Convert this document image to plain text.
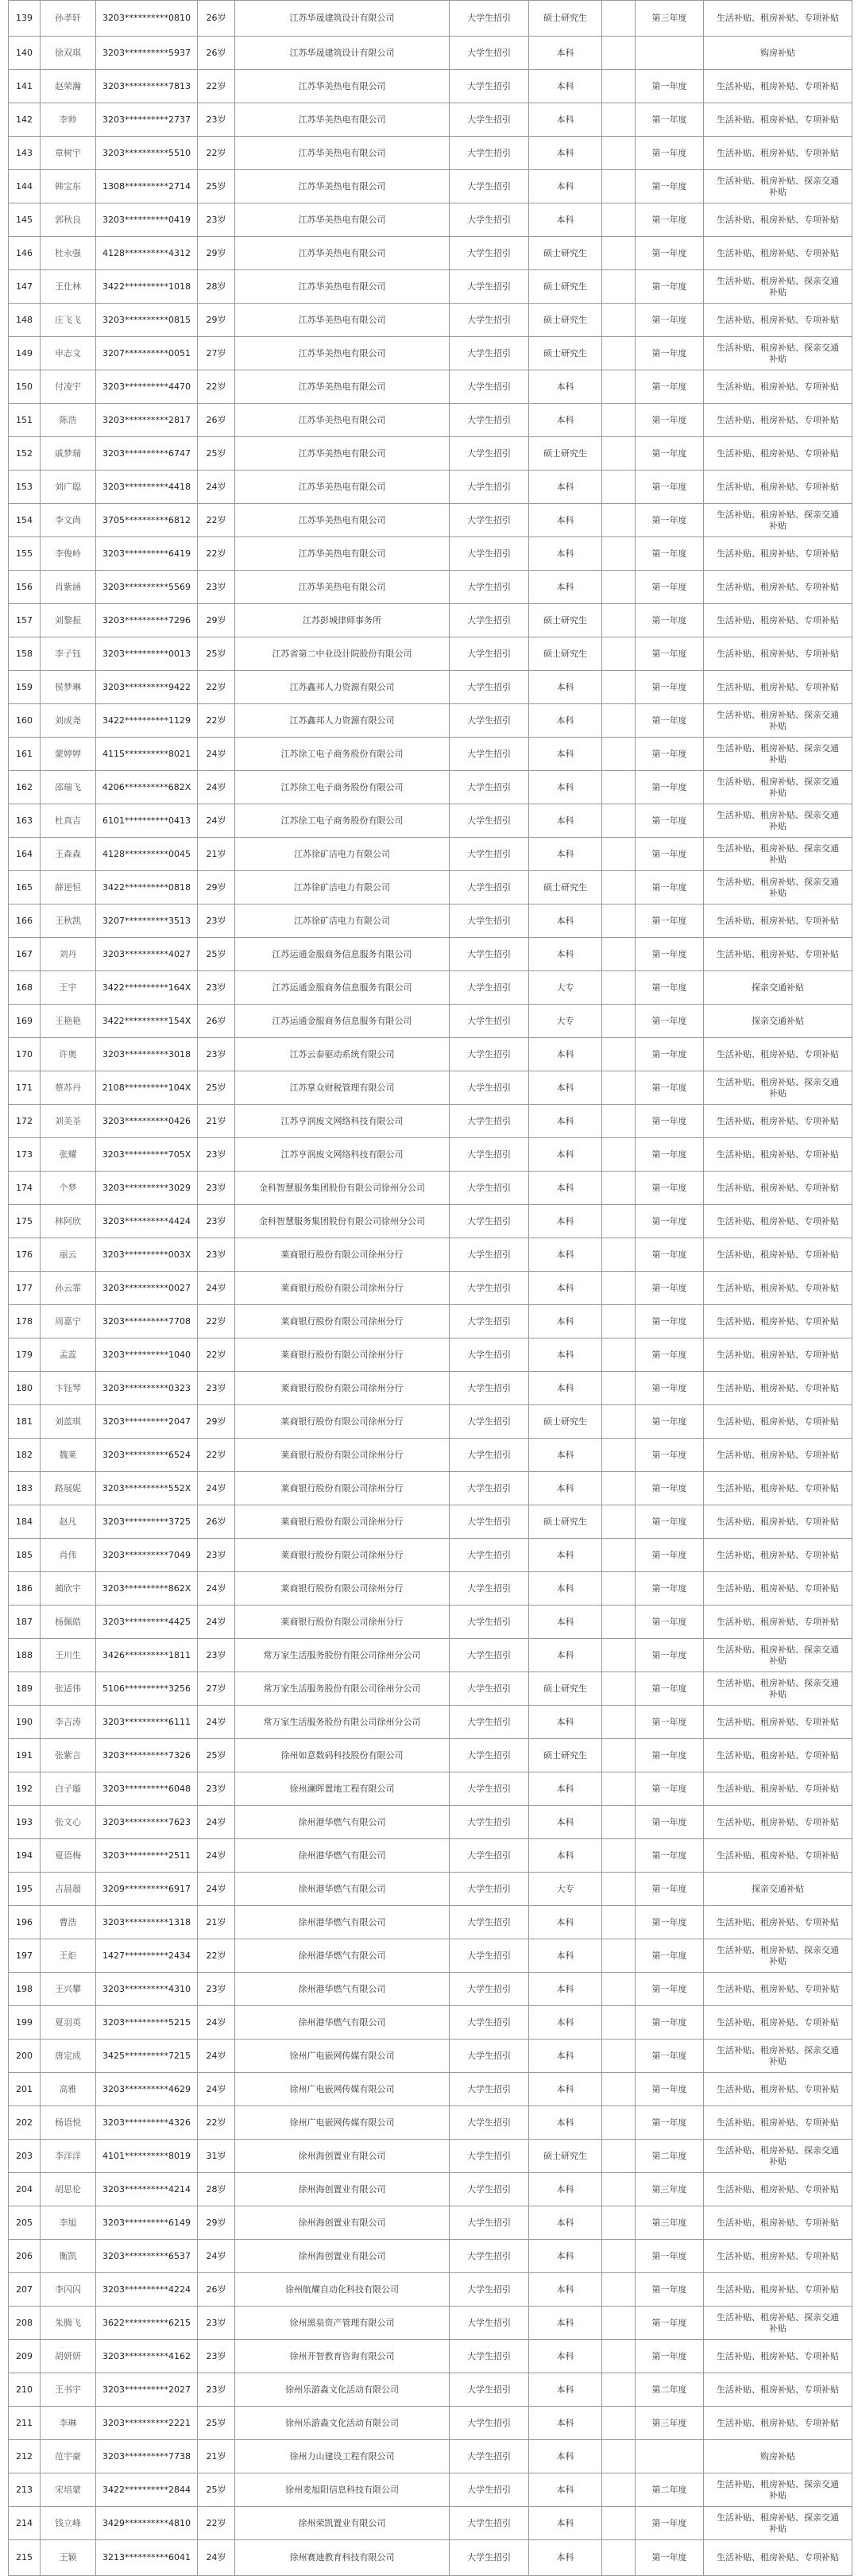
139	孙孝轩	3203**********0810	26岁	江苏华晟建筑设计有限公司	大学生招引	硕士研究生		第三年度	生活补贴、租房补贴、专项补贴

140	徐双琪	3203**********5937	26岁	江苏华晟建筑设计有限公司	大学生招引	本科			购房补贴

141	赵荣瀚	3203**********7813	22岁	江苏华美热电有限公司	大学生招引	本科		第一年度	生活补贴、租房补贴、专项补贴

142	李帅	3203**********2737	23岁	江苏华美热电有限公司	大学生招引	本科		第一年度	生活补贴、租房补贴、专项补贴

143	章树宇	3203**********5510	22岁	江苏华美热电有限公司	大学生招引	本科		第一年度	生活补贴、租房补贴、专项补贴

144	韩宝东	1308**********2714	25岁	江苏华美热电有限公司	大学生招引	本科		第一年度	生活补贴、租房补贴、探亲交通
补贴

145	郭秋良	3203**********0419	23岁	江苏华美热电有限公司	大学生招引	本科		第一年度	生活补贴、租房补贴、专项补贴

146	杜永强	4128**********4312	29岁	江苏华美热电有限公司	大学生招引	硕士研究生		第一年度	生活补贴、租房补贴、专项补贴

147	王仕林	3422**********1018	28岁	江苏华美热电有限公司	大学生招引	硕士研究生		第一年度	生活补贴、租房补贴、探亲交通
补贴

148	庄飞飞	3203**********0815	29岁	江苏华美热电有限公司	大学生招引	硕士研究生		第一年度	生活补贴、租房补贴、专项补贴

149	申志文	3207**********0051	27岁	江苏华美热电有限公司	大学生招引	硕士研究生		第一年度	生活补贴、租房补贴、探亲交通
补贴

150	付凌宇	3203**********4470	22岁	江苏华美热电有限公司	大学生招引	本科		第一年度	生活补贴、租房补贴、专项补贴

151	陈浩	3203**********2817	26岁	江苏华美热电有限公司	大学生招引	本科		第一年度	生活补贴、租房补贴、专项补贴

152	戚梦瑞	3203**********6747	25岁	江苏华美热电有限公司	大学生招引	硕士研究生		第一年度	生活补贴、租房补贴、专项补贴

153	刘广聪	3203**********4418	24岁	江苏华美热电有限公司	大学生招引	本科		第一年度	生活补贴、租房补贴、专项补贴

154	李文尚	3705**********6812	22岁	江苏华美热电有限公司	大学生招引	本科		第一年度	生活补贴、租房补贴、探亲交通
补贴

155	李俊岭	3203**********6419	22岁	江苏华美热电有限公司	大学生招引	本科		第一年度	生活补贴、租房补贴、专项补贴

156	肖紫涵	3203**********5569	23岁	江苏华美热电有限公司	大学生招引	本科		第一年度	生活补贴、租房补贴、专项补贴

157	刘黎振	3203**********7296	29岁	江苏彭城律师事务所	大学生招引	硕士研究生		第一年度	生活补贴、租房补贴、专项补贴

158	李子钰	3203**********0013	25岁	江苏省第二中业设计院股份有限公司	大学生招引	硕士研究生		第一年度	生活补贴、租房补贴、专项补贴

159	侯梦琳	3203**********9422	22岁	江苏鑫邦人力资源有限公司	大学生招引	本科		第一年度	生活补贴、租房补贴、专项补贴

160	刘成尧	3422**********1129	22岁	江苏鑫邦人力资源有限公司	大学生招引	本科		第一年度	生活补贴、租房补贴、探亲交通
补贴

161	蒙婷婷	4115**********8021	24岁	江苏徐工电子商务股份有限公司	大学生招引	本科		第一年度	生活补贴、租房补贴、探亲交通
补贴

162	邵瑞飞	4206**********682X	24岁	江苏徐工电子商务股份有限公司	大学生招引	本科		第一年度	生活补贴、租房补贴、探亲交通
补贴

163	杜真吉	6101**********0413	24岁	江苏徐工电子商务股份有限公司	大学生招引	本科		第一年度	生活补贴、租房补贴、探亲交通
补贴

164	王森森	4128**********0045	21岁	江苏徐矿洁电力有限公司	大学生招引	本科		第一年度	生活补贴、租房补贴、探亲交通
补贴

165	薛逆恒	3422**********0818	29岁	江苏徐矿洁电力有限公司	大学生招引	硕士研究生		第一年度	生活补贴、租房补贴、探亲交通
补贴

166	王秋凯	3207**********3513	23岁	江苏徐矿洁电力有限公司	大学生招引	本科		第一年度	生活补贴、租房补贴、专项补贴

167	刘丹	3203**********4027	25岁	江苏运通金服商务信息服务有限公司	大学生招引	本科		第一年度	生活补贴、租房补贴、专项补贴

168	王宇	3422**********164X	23岁	江苏运通金服商务信息服务有限公司	大学生招引	大专		第一年度	探亲交通补贴

169	王艳艳	3422**********154X	26岁	江苏运通金服商务信息服务有限公司	大学生招引	大专		第一年度	探亲交通补贴

170	许奥	3203**********3018	23岁	江苏云泰驱动系统有限公司	大学生招引	本科		第一年度	生活补贴、租房补贴、专项补贴

171	蔡苏丹	2108**********104X	25岁	江苏掌众财税管理有限公司	大学生招引	本科		第一年度	生活补贴、租房补贴、探亲交通
补贴

172	刘美荃	3203**********0426	21岁	江苏亨润废文网络科技有限公司	大学生招引	本科		第一年度	生活补贴、租房补贴、专项补贴

173	张耀	3203**********705X	23岁	江苏亨润废文网络科技有限公司	大学生招引	本科		第一年度	生活补贴、租房补贴、专项补贴

174	个梦	3203**********3029	23岁	金科智慧服务集团股份有限公司徐州分公司	大学生招引	本科		第一年度	生活补贴、租房补贴、专项补贴

175	林阿欣	3203**********4424	23岁	金科智慧服务集团股份有限公司徐州分公司	大学生招引	本科		第一年度	生活补贴、租房补贴、专项补贴

176	丽云	3203**********003X	23岁	莱商银行股份有限公司徐州分行	大学生招引	本科		第一年度	生活补贴、租房补贴、专项补贴

177	孙云霏	3203**********0027	24岁	莱商银行股份有限公司徐州分行	大学生招引	本科		第一年度	生活补贴、租房补贴、专项补贴

178	周嘉宁	3203**********7708	22岁	莱商银行股份有限公司徐州分行	大学生招引	本科		第一年度	生活补贴、租房补贴、专项补贴

179	孟蕊	3203**********1040	22岁	莱商银行股份有限公司徐州分行	大学生招引	本科		第一年度	生活补贴、租房补贴、专项补贴

180	卞钰琴	3203**********0323	23岁	莱商银行股份有限公司徐州分行	大学生招引	本科		第一年度	生活补贴、租房补贴、专项补贴

181	刘蓝琪	3203**********2047	29岁	莱商银行股份有限公司徐州分行	大学生招引	硕士研究生		第一年度	生活补贴、租房补贴、专项补贴

182	魏莱	3203**********6524	22岁	莱商银行股份有限公司徐州分行	大学生招引	本科		第一年度	生活补贴、租房补贴、专项补贴

183	路展妮	3203**********552X	24岁	莱商银行股份有限公司徐州分行	大学生招引	本科		第一年度	生活补贴、租房补贴、专项补贴

184	赵凡	3203**********3725	26岁	莱商银行股份有限公司徐州分行	大学生招引	硕士研究生		第一年度	生活补贴、租房补贴、专项补贴

185	肖伟	3203**********7049	23岁	莱商银行股份有限公司徐州分行	大学生招引	本科		第一年度	生活补贴、租房补贴、专项补贴

186	蔺欣宇	3203**********862X	24岁	莱商银行股份有限公司徐州分行	大学生招引	本科		第一年度	生活补贴、租房补贴、专项补贴

187	杨佩皓	3203**********4425	24岁	莱商银行股份有限公司徐州分行	大学生招引	本科		第一年度	生活补贴、租房补贴、专项补贴

188	王川生	3426**********1811	23岁	常万家生活服务股份有限公司徐州分公司	大学生招引	本科		第一年度	生活补贴、租房补贴、探亲交通
补贴

189	张适伟	5106**********3256	27岁	常万家生活服务股份有限公司徐州分公司	大学生招引	硕士研究生		第一年度	生活补贴、租房补贴、探亲交通
补贴

190	李吉涛	3203**********6111	24岁	常万家生活服务股份有限公司徐州分公司	大学生招引	本科		第一年度	生活补贴、租房补贴、专项补贴

191	张紫言	3203**********7326	25岁	徐州如意数码科技股份有限公司	大学生招引	硕士研究生		第一年度	生活补贴、租房补贴、专项补贴

192	白子璇	3203**********6048	23岁	徐州澜晖置地工程有限公司	大学生招引	本科		第一年度	生活补贴、租房补贴、专项补贴

193	张文心	3203**********7623	24岁	徐州港华燃气有限公司	大学生招引	本科		第一年度	生活补贴、租房补贴、专项补贴

194	夏语梅	3203**********2511	24岁	徐州港华燃气有限公司	大学生招引	本科		第一年度	生活补贴、租房补贴、专项补贴

195	吉晨超	3209**********6917	24岁	徐州港华燃气有限公司	大学生招引	大专		第一年度	探亲交通补贴

196	曹浩	3203**********1318	21岁	徐州港华燃气有限公司	大学生招引	本科		第一年度	生活补贴、租房补贴、专项补贴

197	王炬	1427**********2434	22岁	徐州港华燃气有限公司	大学生招引	本科		第一年度	生活补贴、租房补贴、探亲交通
补贴

198	王兴攀	3203**********4310	23岁	徐州港华燃气有限公司	大学生招引	本科		第一年度	生活补贴、租房补贴、专项补贴

199	夏羽英	3203**********5215	24岁	徐州港华燃气有限公司	大学生招引	本科		第一年度	生活补贴、租房补贴、专项补贴

200	唐定成	3425**********7215	24岁	徐州广电嵌网传媒有限公司	大学生招引	本科		第一年度	生活补贴、租房补贴、探亲交通
补贴

201	高雅	3203**********4629	24岁	徐州广电嵌网传媒有限公司	大学生招引	本科		第一年度	生活补贴、租房补贴、专项补贴

202	杨语悦	3203**********4326	22岁	徐州广电嵌网传媒有限公司	大学生招引	本科		第一年度	生活补贴、租房补贴、专项补贴

203	李洋洋	4101**********8019	31岁	徐州海创置业有限公司	大学生招引	硕士研究生		第二年度	生活补贴、租房补贴、探亲交通
补贴

204	胡思伦	3203**********4214	28岁	徐州海创置业有限公司	大学生招引	本科		第三年度	生活补贴、租房补贴、专项补贴

205	李旭	3203**********6149	29岁	徐州海创置业有限公司	大学生招引	本科		第三年度	生活补贴、租房补贴、专项补贴

206	衡凯	3203**********6537	24岁	徐州海创置业有限公司	大学生招引	本科		第一年度	生活补贴、租房补贴、专项补贴

207	李闪闪	3203**********4224	26岁	徐州航耀自动化科技有限公司	大学生招引	本科		第一年度	生活补贴、租房补贴、专项补贴

208	朱腾飞	3622**********6215	23岁	徐州黑泉资产管理有限公司	大学生招引	本科		第一年度	生活补贴、租房补贴、探亲交通
补贴

209	胡妍妍	3203**********4162	23岁	徐州开智教育咨询有限公司	大学生招引	本科		第一年度	生活补贴、租房补贴、专项补贴

210	王书宇	3203**********2027	23岁	徐州乐游淼文化活动有限公司	大学生招引	本科		第二年度	生活补贴、租房补贴、专项补贴

211	李琳	3203**********2221	25岁	徐州乐游淼文化活动有限公司	大学生招引	本科		第三年度	生活补贴、租房补贴、专项补贴

212	范宇豪	3203**********7738	21岁	徐州力山建设工程有限公司	大学生招引	本科			购房补贴

213	宋培蒙	3422**********2844	25岁	徐州麦旭阳信息科技有限公司	大学生招引	本科		第二年度	生活补贴、租房补贴、探亲交通
补贴

214	钱立峰	3429**********4810	22岁	徐州荣凯置业有限公司	大学生招引	本科		第一年度	生活补贴、租房补贴、探亲交通
补贴

215	王颖	3213**********6041	24岁	徐州赛迪教育科技有限公司	大学生招引	本科		第一年度	生活补贴、租房补贴、专项补贴
